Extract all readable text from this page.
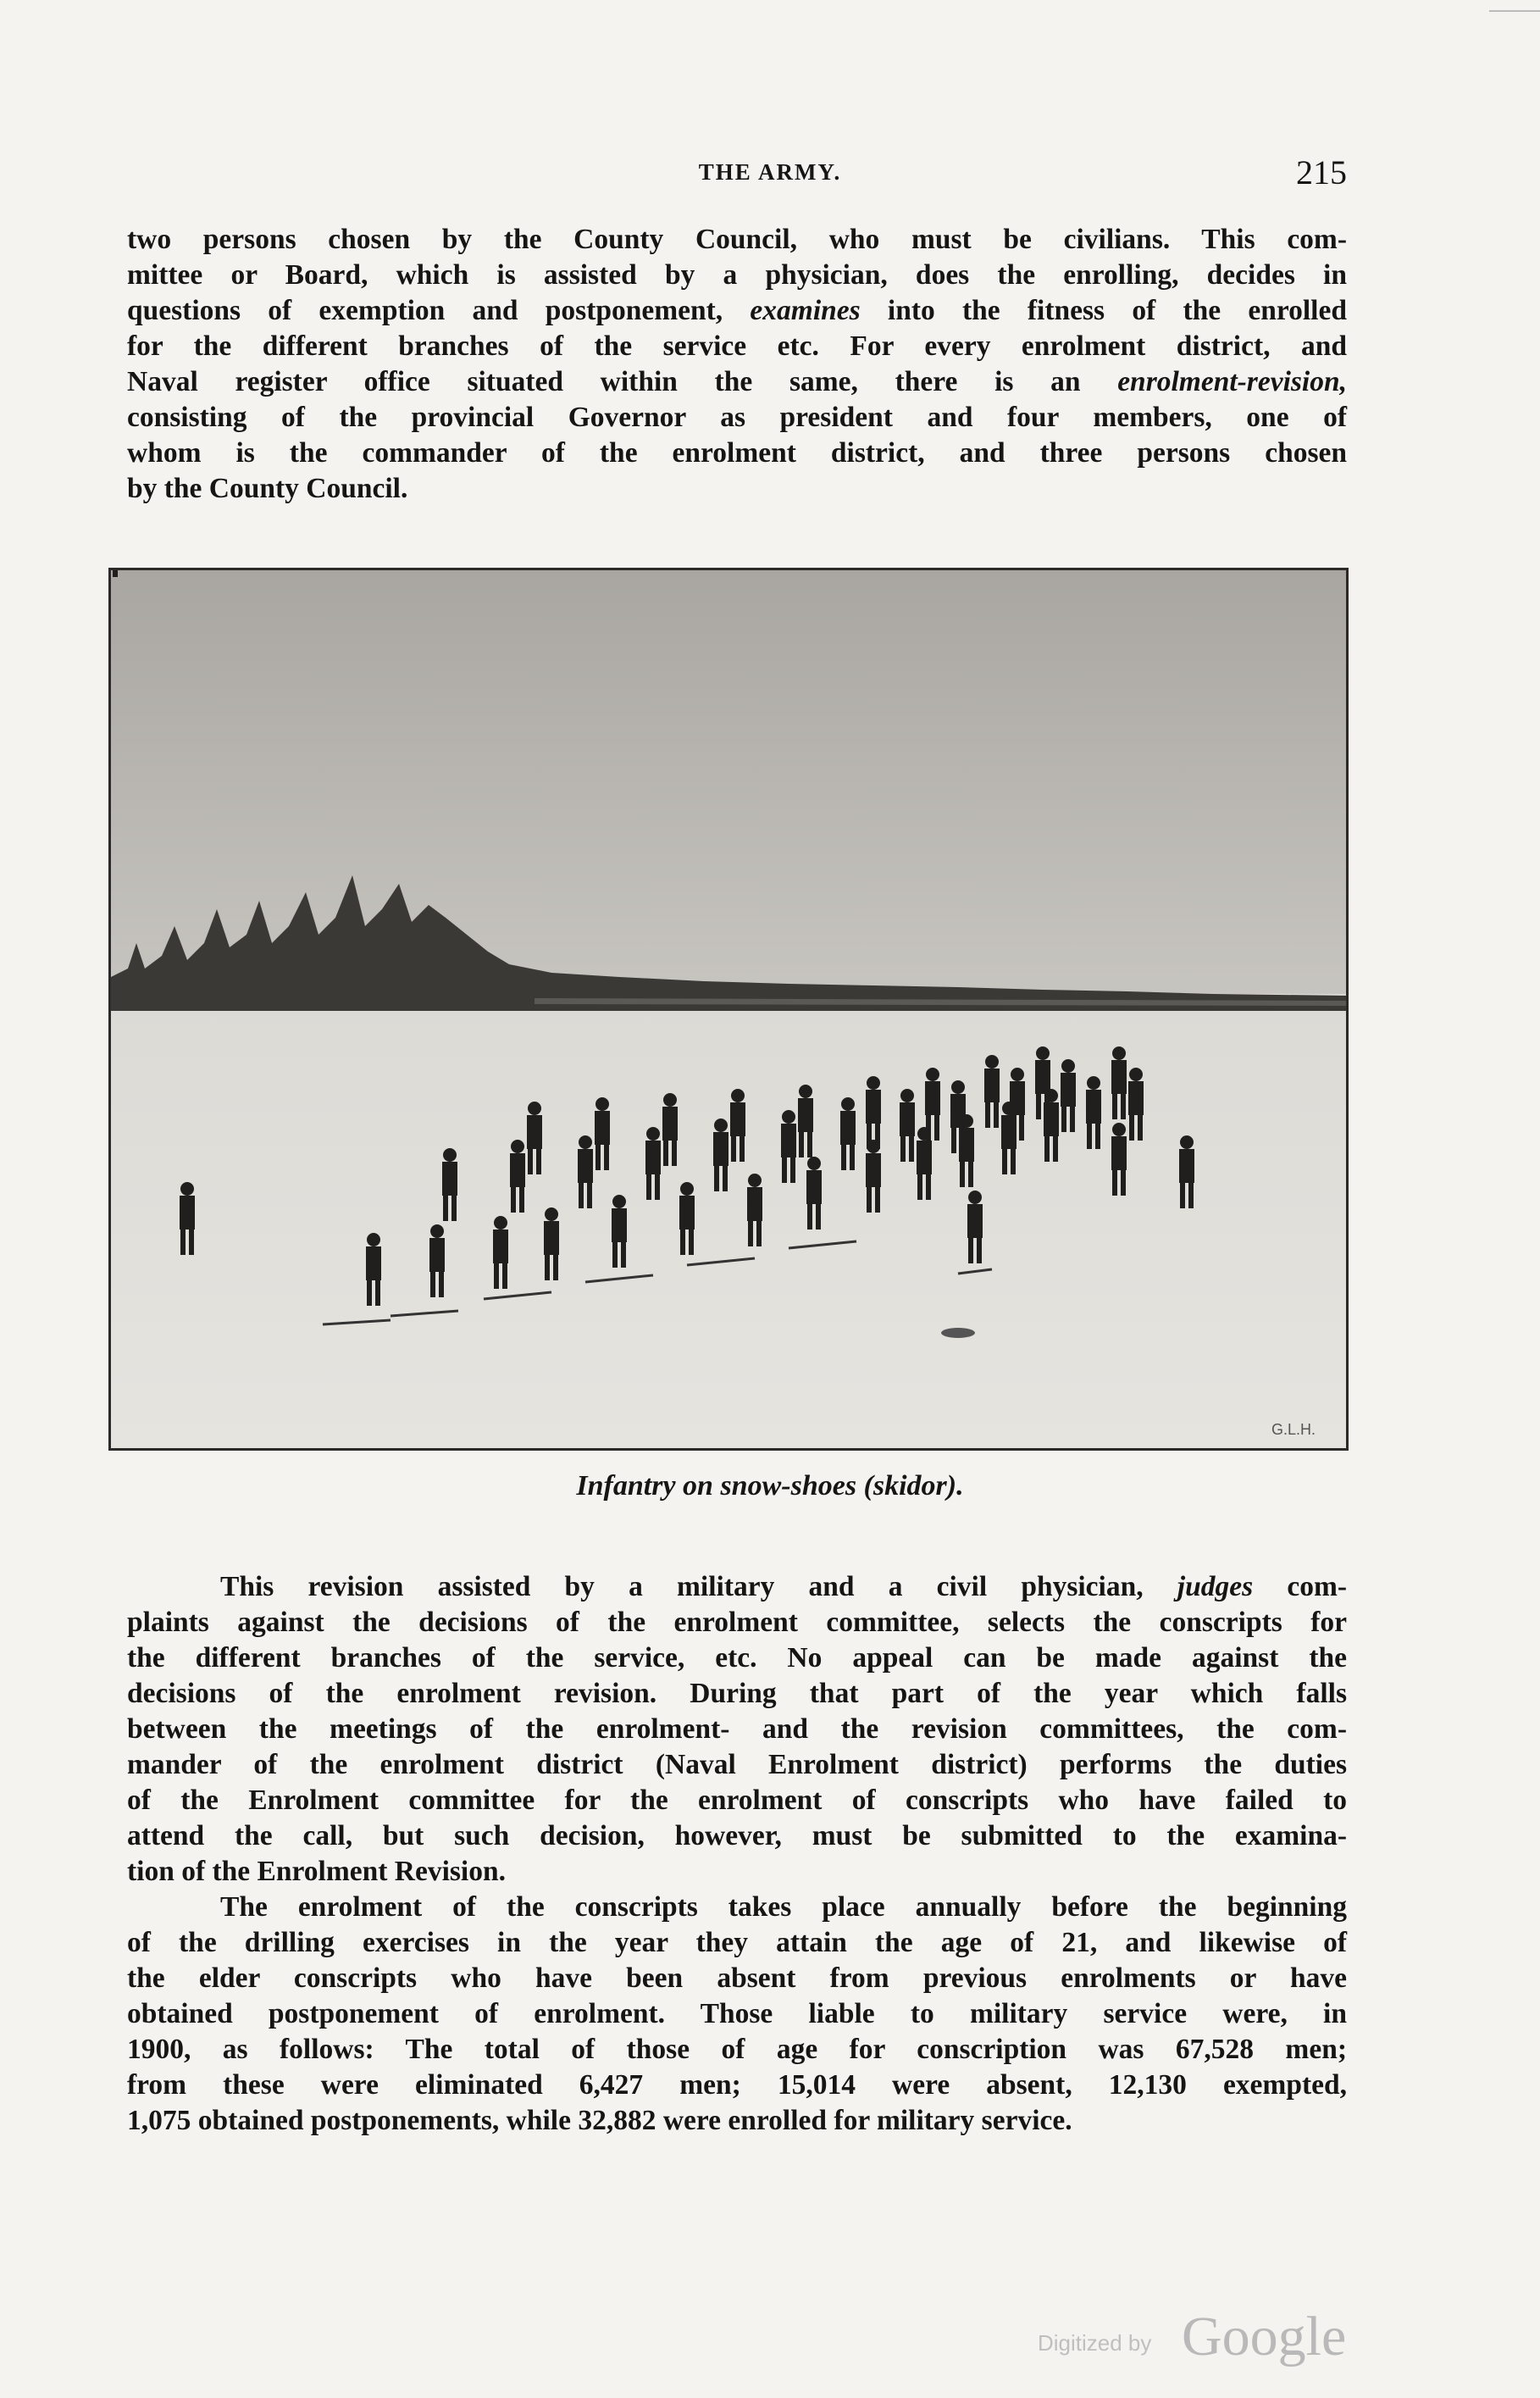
THE ARMY.	215
two persons chosen by the County Council, who must be civilians. This com-
mittee or Board, which is assisted by a physician, does the enrolling, decides in
questions of exemption and postponement, examines into the fitness of the enrolled
for the different branches of the service etc. For every enrolment district, and
Naval register office situated within the same, there is an enrolment-revision,
consisting of the provincial Governor as president and four members, one of
whom is the commander of the enrolment district, and three persons chosen
by the County Council.
G.L.H.
Infantry on snow-shoes (skidor).
This revision assisted by a military and a civil physician, judges com-
plaints against the decisions of the enrolment committee, selects the conscripts for
the different branches of the service, etc. No appeal can be made against the
decisions of the enrolment revision. During that part of the year which falls
between the meetings of the enrolment- and the revision committees, the com-
mander of the enrolment district (Naval Enrolment district) performs the duties
of the Enrolment committee for the enrolment of conscripts who have failed to
attend the call, but such decision, however, must be submitted to the examina-
tion of the Enrolment Revision.
The enrolment of the conscripts takes place annually before the beginning
of the drilling exercises in the year they attain the age of 21, and likewise of
the elder conscripts who have been absent from previous enrolments or have
obtained postponement of enrolment. Those liable to military service were, in
1900, as follows: The total of those of age for conscription was 67,528 men;
from these were eliminated 6,427 men; 15,014 were absent, 12,130 exempted,
1,075 obtained postponements, while 32,882 were enrolled for military service.
Digitized by Google
